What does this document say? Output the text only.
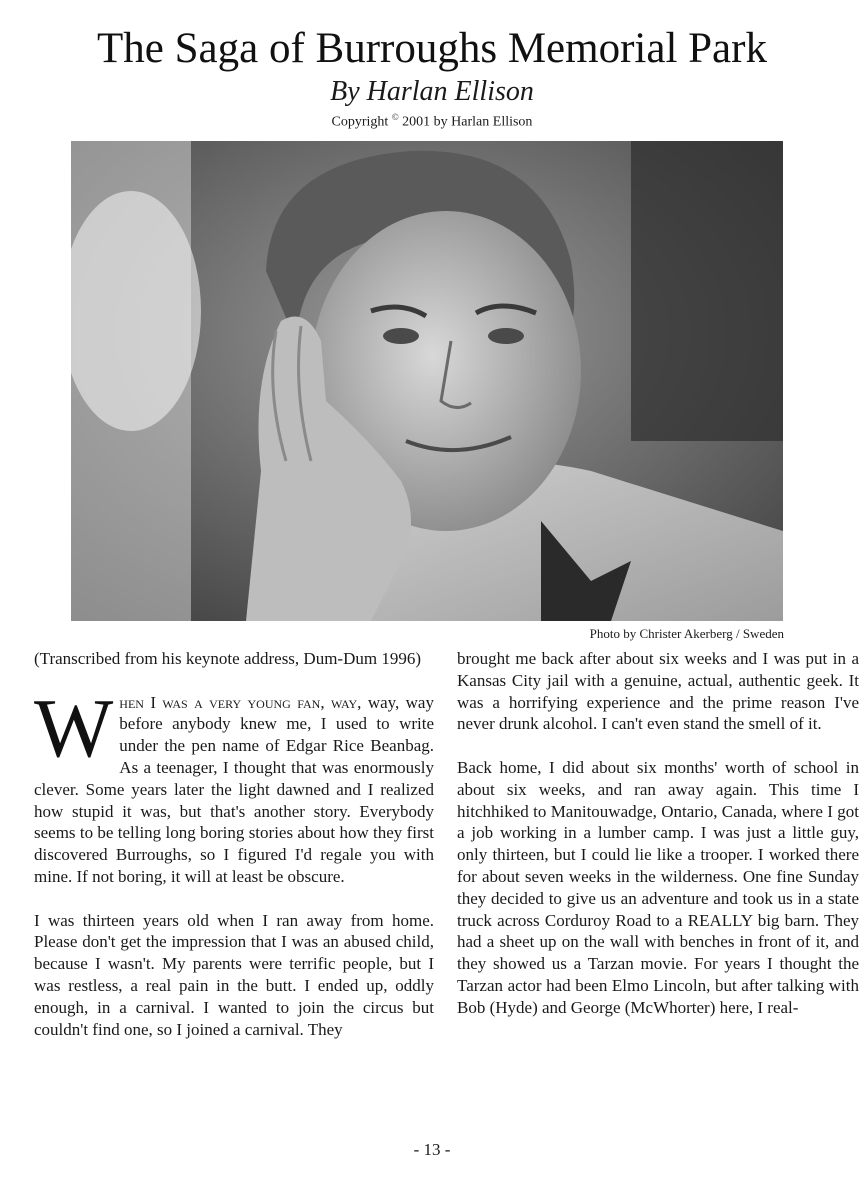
The Saga of Burroughs Memorial Park
By Harlan Ellison
Copyright © 2001 by Harlan Ellison
Photo by Christer Akerberg / Sweden

(Transcribed from his keynote address, Dum-Dum 1996)

When I was a very young fan, way, way, way before anybody knew me, I used to write under the pen name of Edgar Rice Beanbag. As a teenager, I thought that was enormously clever. Some years later the light dawned and I realized how stupid it was, but that's another story. Everybody seems to be telling long boring stories about how they first discovered Burroughs, so I figured I'd regale you with mine. If not boring, it will at least be obscure.

I was thirteen years old when I ran away from home. Please don't get the impression that I was an abused child, because I wasn't. My parents were terrific people, but I was restless, a real pain in the butt. I ended up, oddly enough, in a carnival. I wanted to join the circus but couldn't find one, so I joined a carnival. They

brought me back after about six weeks and I was put in a Kansas City jail with a genuine, actual, authentic geek. It was a horrifying experience and the prime reason I've never drunk alcohol. I can't even stand the smell of it.

Back home, I did about six months' worth of school in about six weeks, and ran away again. This time I hitchhiked to Manitouwadge, Ontario, Canada, where I got a job working in a lumber camp. I was just a little guy, only thirteen, but I could lie like a trooper. I worked there for about seven weeks in the wilderness. One fine Sunday they decided to give us an adventure and took us in a state truck across Corduroy Road to a REALLY big barn. They had a sheet up on the wall with benches in front of it, and they showed us a Tarzan movie. For years I thought the Tarzan actor had been Elmo Lincoln, but after talking with Bob (Hyde) and George (McWhorter) here, I real-

- 13 -
